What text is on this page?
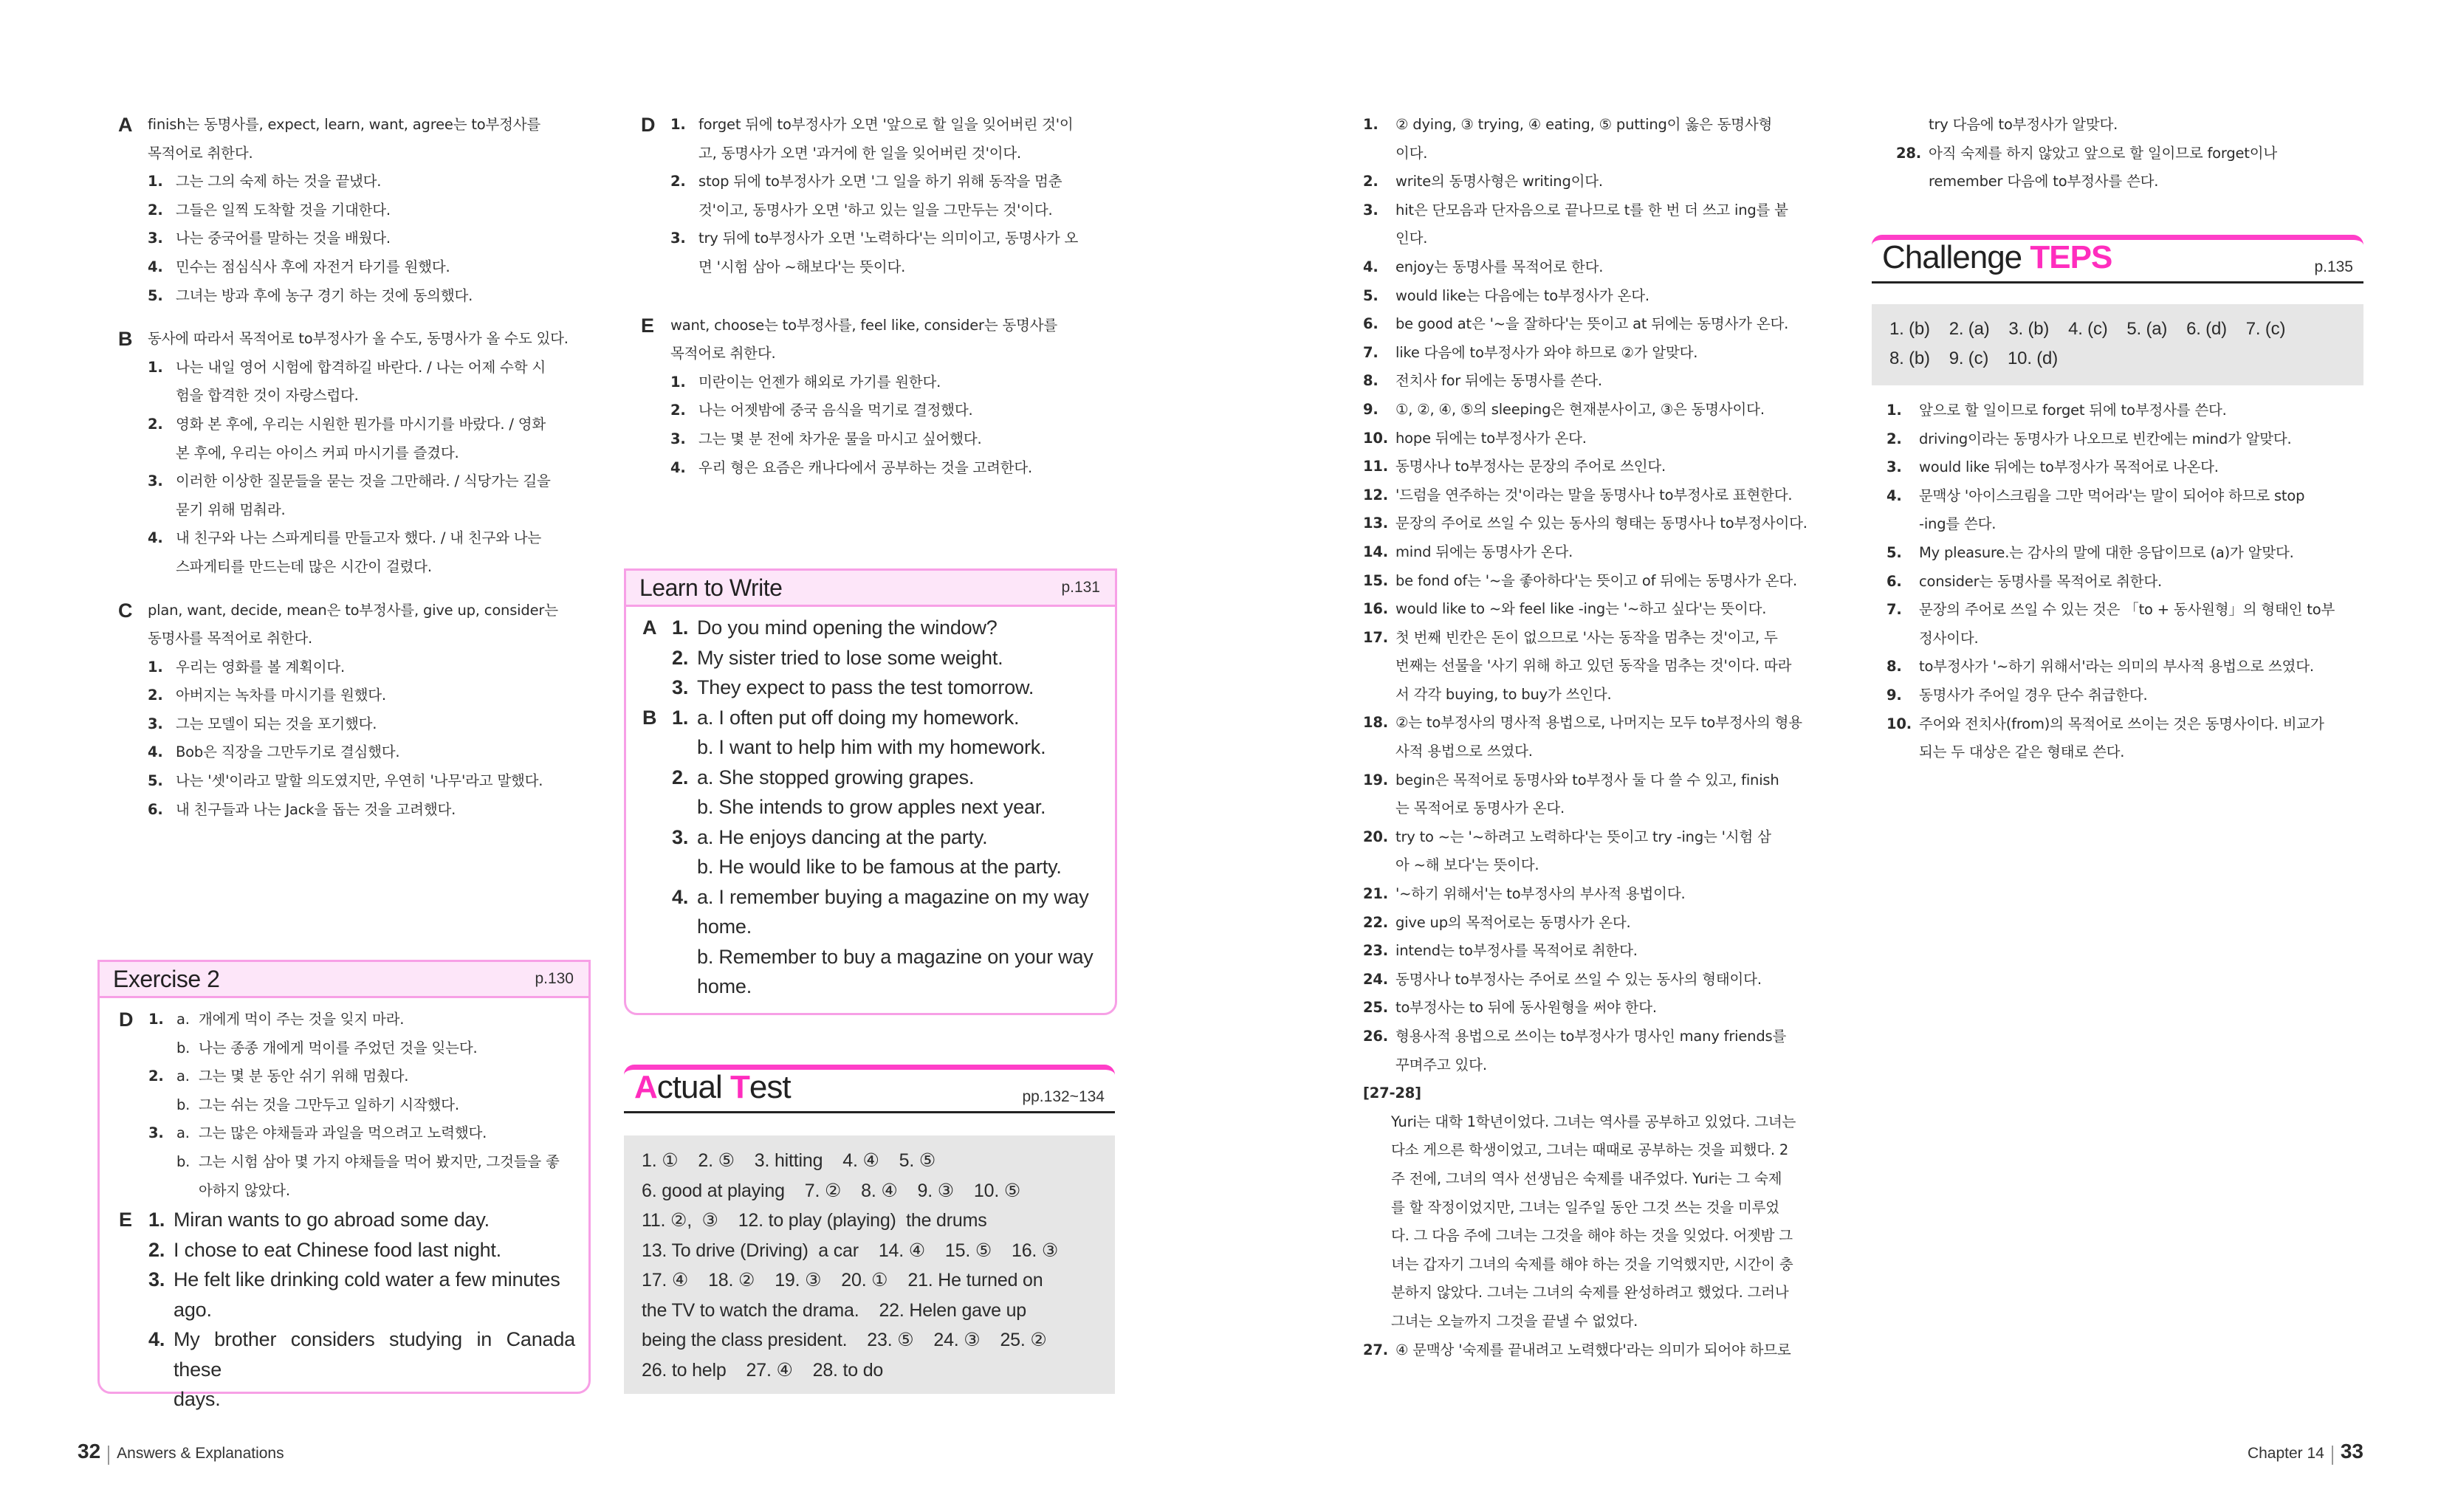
A	finish는 동명사를, expect, learn, want, agree는 to부정사를
목적어로 취한다.
1. 그는 그의 숙제 하는 것을 끝냈다.
2. 그들은 일찍 도착할 것을 기대한다.
3. 나는 중국어를 말하는 것을 배웠다.
4. 민수는 점심식사 후에 자전거 타기를 원했다.
5. 그녀는 방과 후에 농구 경기 하는 것에 동의했다.
B	동사에 따라서 목적어로 to부정사가 올 수도, 동명사가 올 수도 있다.
1. 나는 내일 영어 시험에 합격하길 바란다. / 나는 어제 수학 시
험을 합격한 것이 자랑스럽다.
2. 영화 본 후에, 우리는 시원한 뭔가를 마시기를 바랐다. / 영화
본 후에, 우리는 아이스 커피 마시기를 즐겼다.
3. 이러한 이상한 질문들을 묻는 것을 그만해라. / 식당가는 길을
묻기 위해 멈춰라.
4. 내 친구와 나는 스파게티를 만들고자 했다. / 내 친구와 나는
스파게티를 만드는데 많은 시간이 걸렸다.
C	plan, want, decide, mean은 to부정사를, give up, consider는
동명사를 목적어로 취한다.
1. 우리는 영화를 볼 계획이다.
2. 아버지는 녹차를 마시기를 원했다.
3. 그는 모델이 되는 것을 포기했다.
4. Bob은 직장을 그만두기로 결심했다.
5. 나는 '셋'이라고 말할 의도였지만, 우연히 '나무'라고 말했다.
6. 내 친구들과 나는 Jack을 돕는 것을 고려했다.
Exercise 2	p.130
D	1. a. 개에게 먹이 주는 것을 잊지 마라.
b. 나는 종종 개에게 먹이를 주었던 것을 잊는다.
2. a. 그는 몇 분 동안 쉬기 위해 멈췄다.
b. 그는 쉬는 것을 그만두고 일하기 시작했다.
3. a. 그는 많은 야채들과 과일을 먹으려고 노력했다.
b. 그는 시험 삼아 몇 가지 야채들을 먹어 봤지만, 그것들을 좋
아하지 않았다.
E 1. Miran wants to go abroad some day.
2. I chose to eat Chinese food last night.
3. He felt like drinking cold water a few minutes
ago.
4. My brother considers studying in Canada these
days.
D	1. forget 뒤에 to부정사가 오면 '앞으로 할 일을 잊어버린 것'이
고, 동명사가 오면 '과거에 한 일을 잊어버린 것'이다.
2. stop 뒤에 to부정사가 오면 '그 일을 하기 위해 동작을 멈춘
것'이고, 동명사가 오면 '하고 있는 일을 그만두는 것'이다.
3. try 뒤에 to부정사가 오면 '노력하다'는 의미이고, 동명사가 오
면 '시험 삼아 ~해보다'는 뜻이다.
E	want, choose는 to부정사를, feel like, consider는 동명사를
목적어로 취한다.
1. 미란이는 언젠가 해외로 가기를 원한다.
2. 나는 어젯밤에 중국 음식을 먹기로 결정했다.
3. 그는 몇 분 전에 차가운 물을 마시고 싶어했다.
4. 우리 형은 요즘은 캐나다에서 공부하는 것을 고려한다.
Learn to Write	p.131
A 1. Do you mind opening the window?
2. My sister tried to lose some weight.
3. They expect to pass the test tomorrow.
B 1. a. I often put off doing my homework.
b. I want to help him with my homework.
2. a. She stopped growing grapes.
b. She intends to grow apples next year.
3. a. He enjoys dancing at the party.
b. He would like to be famous at the party.
4. a. I remember buying a magazine on my way
home.
b. Remember to buy a magazine on your way
home.
Actual Test	pp.132~134
1. ①    2. ⑤    3. hitting    4. ④    5. ⑤
6. good at playing    7. ②    8. ④    9. ③    10. ⑤
11. ②,  ③    12. to play (playing)  the drums
13. To drive (Driving)  a car    14. ④    15. ⑤    16. ③
17. ④    18. ②    19. ③    20. ①    21. He turned on
the TV to watch the drama.    22. Helen gave up
being the class president.    23. ⑤    24. ③    25. ②
26. to help    27. ④    28. to do
1.	② dying, ③ trying, ④ eating, ⑤ putting이 옳은 동명사형
이다.
2.	write의 동명사형은 writing이다.
3.	hit은 단모음과 단자음으로 끝나므로 t를 한 번 더 쓰고 ing를 붙
인다.
4.	enjoy는 동명사를 목적어로 한다.
5.	would like는 다음에는 to부정사가 온다.
6.	be good at은 '~을 잘하다'는 뜻이고 at 뒤에는 동명사가 온다.
7.	like 다음에 to부정사가 와야 하므로 ②가 알맞다.
8.	전치사 for 뒤에는 동명사를 쓴다.
9.	①, ②, ④, ⑤의 sleeping은 현재분사이고, ③은 동명사이다.
10. hope 뒤에는 to부정사가 온다.
11. 동명사나 to부정사는 문장의 주어로 쓰인다.
12. '드럼을 연주하는 것'이라는 말을 동명사나 to부정사로 표현한다.
13. 문장의 주어로 쓰일 수 있는 동사의 형태는 동명사나 to부정사이다.
14. mind 뒤에는 동명사가 온다.
15. be fond of는 '~을 좋아하다'는 뜻이고 of 뒤에는 동명사가 온다.
16. would like to ~와 feel like -ing는 '~하고 싶다'는 뜻이다.
17. 첫 번째 빈칸은 돈이 없으므로 '사는 동작을 멈추는 것'이고, 두
번째는 선물을 '사기 위해 하고 있던 동작을 멈추는 것'이다. 따라
서 각각 buying, to buy가 쓰인다.
18. ②는 to부정사의 명사적 용법으로, 나머지는 모두 to부정사의 형용
사적 용법으로 쓰였다.
19. begin은 목적어로 동명사와 to부정사 둘 다 쓸 수 있고, finish
는 목적어로 동명사가 온다.
20. try to ~는 '~하려고 노력하다'는 뜻이고 try -ing는 '시험 삼
아 ~해 보다'는 뜻이다.
21. '~하기 위해서'는 to부정사의 부사적 용법이다.
22. give up의 목적어로는 동명사가 온다.
23. intend는 to부정사를 목적어로 취한다.
24. 동명사나 to부정사는 주어로 쓰일 수 있는 동사의 형태이다.
25. to부정사는 to 뒤에 동사원형을 써야 한다.
26. 형용사적 용법으로 쓰이는 to부정사가 명사인 many friends를
꾸며주고 있다.
[27-28]
Yuri는 대학 1학년이었다. 그녀는 역사를 공부하고 있었다. 그녀는
다소 게으른 학생이었고, 그녀는 때때로 공부하는 것을 피했다. 2
주 전에, 그녀의 역사 선생님은 숙제를 내주었다. Yuri는 그 숙제
를 할 작정이었지만, 그녀는 일주일 동안 그것 쓰는 것을 미루었
다. 그 다음 주에 그녀는 그것을 해야 하는 것을 잊었다. 어젯밤 그
녀는 갑자기 그녀의 숙제를 해야 하는 것을 기억했지만, 시간이 충
분하지 않았다. 그녀는 그녀의 숙제를 완성하려고 했었다. 그러나
그녀는 오늘까지 그것을 끝낼 수 없었다.
27. ④ 문맥상 '숙제를 끝내려고 노력했다'라는 의미가 되어야 하므로
try 다음에 to부정사가 알맞다.
28. 아직 숙제를 하지 않았고 앞으로 할 일이므로 forget이나
remember 다음에 to부정사를 쓴다.
Challenge TEPS	p.135
1. (b)    2. (a)    3. (b)    4. (c)    5. (a)    6. (d)    7. (c)
8. (b)    9. (c)    10. (d)
1.	앞으로 할 일이므로 forget 뒤에 to부정사를 쓴다.
2.	driving이라는 동명사가 나오므로 빈칸에는 mind가 알맞다.
3.	would like 뒤에는 to부정사가 목적어로 나온다.
4.	문맥상 '아이스크림을 그만 먹어라'는 말이 되어야 하므로 stop
-ing를 쓴다.
5.	My pleasure.는 감사의 말에 대한 응답이므로 (a)가 알맞다.
6.	consider는 동명사를 목적어로 취한다.
7.	문장의 주어로 쓰일 수 있는 것은 「to + 동사원형」의 형태인 to부
정사이다.
8.	to부정사가 '~하기 위해서'라는 의미의 부사적 용법으로 쓰였다.
9.	동명사가 주어일 경우 단수 취급한다.
10. 주어와 전치사(from)의 목적어로 쓰이는 것은 동명사이다. 비교가
되는 두 대상은 같은 형태로 쓴다.
32 Answers & Explanations	Chapter 14 33
